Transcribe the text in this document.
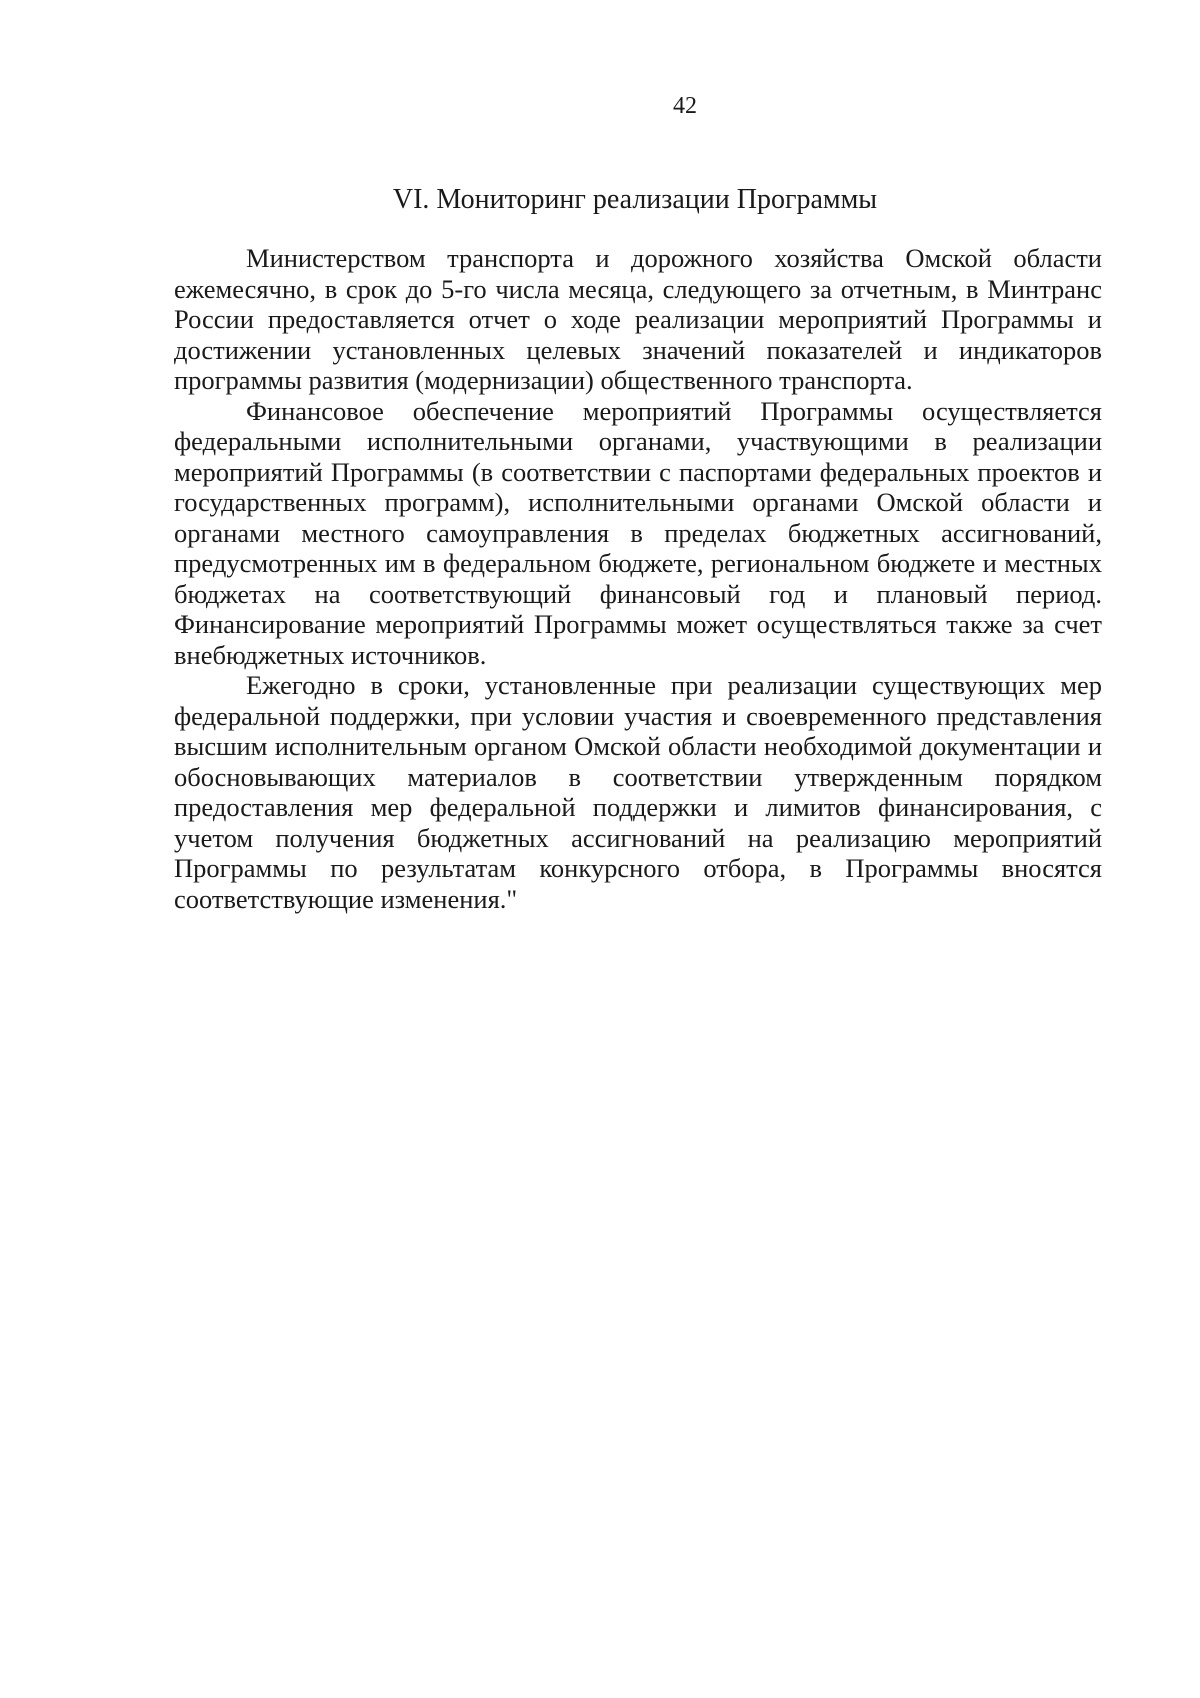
42
VI. Мониторинг реализации Программы

Министерством транспорта и дорожного хозяйства Омской области ежемесячно, в срок до 5-го числа месяца, следующего за отчетным, в Минтранс России предоставляется отчет о ходе реализации мероприятий Программы и достижении установленных целевых значений показателей и индикаторов программы развития (модернизации) общественного транспорта.

Финансовое обеспечение мероприятий Программы осуществляется федеральными исполнительными органами, участвующими в реализации мероприятий Программы (в соответствии с паспортами федеральных проектов и государственных программ), исполнительными органами Омской области и органами местного самоуправления в пределах бюджетных ассигнований, предусмотренных им в федеральном бюджете, региональном бюджете и местных бюджетах на соответствующий финансовый год и плановый период. Финансирование мероприятий Программы может осуществляться также за счет внебюджетных источников.

Ежегодно в сроки, установленные при реализации существующих мер федеральной поддержки, при условии участия и своевременного представления высшим исполнительным органом Омской области необходимой документации и обосновывающих материалов в соответствии утвержденным порядком предоставления мер федеральной поддержки и лимитов финансирования, с учетом получения бюджетных ассигнований на реализацию мероприятий Программы по результатам конкурсного отбора, в Программы вносятся соответствующие изменения."
